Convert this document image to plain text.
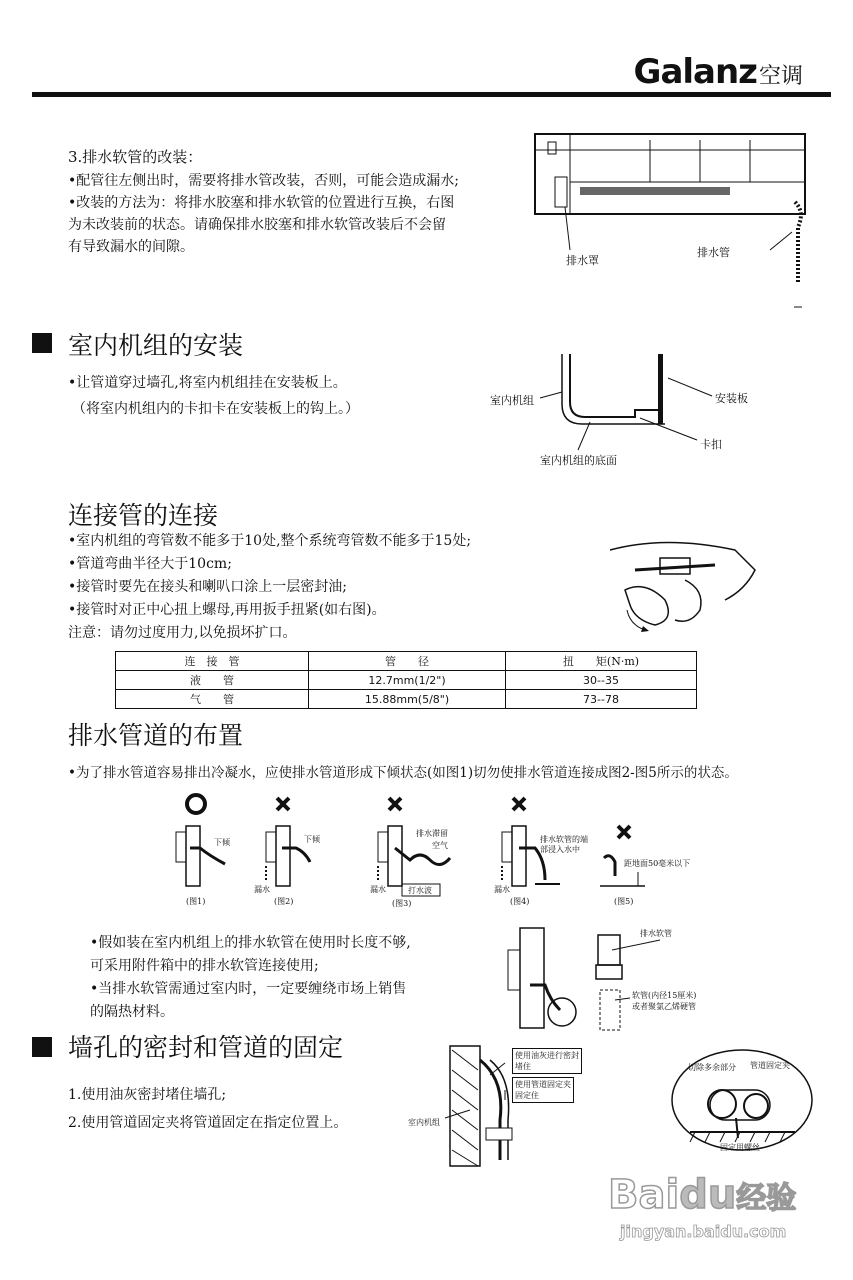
Galanz空调
3.排水软管的改装：
•配管往左侧出时，需要将排水管改装，否则，可能会造成漏水;
•改装的方法为：将排水胶塞和排水软管的位置进行互换，右图
为未改装前的状态。请确保排水胶塞和排水软管改装后不会留
有导致漏水的间隙。
排水罩
排水管
室内机组的安装
•让管道穿过墙孔,将室内机组挂在安装板上。
（将室内机组内的卡扣卡在安装板上的钩上。）
室内机组	安装板
卡扣
室内机组的底面
连接管的连接
•室内机组的弯管数不能多于10处,整个系统弯管数不能多于15处;
•管道弯曲半径大于10cm;
•接管时要先在接头和喇叭口涂上一层密封油;
•接管时对正中心扭上螺母,再用扳手扭紧(如右图)。
注意：请勿过度用力,以免损坏扩口。
连　接　管	管　　径	扭　　矩(N·m)
液　　管	12.7mm(1/2")	30--35
气　　管	15.88mm(5/8")	73--78
排水管道的布置
•为了排水管道容易排出冷凝水，应使排水管道形成下倾状态(如图1)切勿使排水管道连接成图2-图5所示的状态。
下倾	下倾
漏水
排水滞留
空气
漏水	打水波
排水软管的端
部浸入水中
漏水
距地面50毫米以下
(图1)	(图2)	(图3)	(图4)	(图5)
•假如装在室内机组上的排水软管在使用时长度不够,
可采用附件箱中的排水软管连接使用;
•当排水软管需通过室内时，一定要缠绕市场上销售
的隔热材料。
排水软管
软管(内径15厘米)
或者聚氯乙烯硬管
墙孔的密封和管道的固定
1.使用油灰密封堵住墙孔;
2.使用管道固定夹将管道固定在指定位置上。
使用油灰进行密封
堵住
使用管道固定夹
固定住
室内机组
切除多余部分 管道固定夹
固定用螺丝
Baidu经验
jingyan.baidu.com
